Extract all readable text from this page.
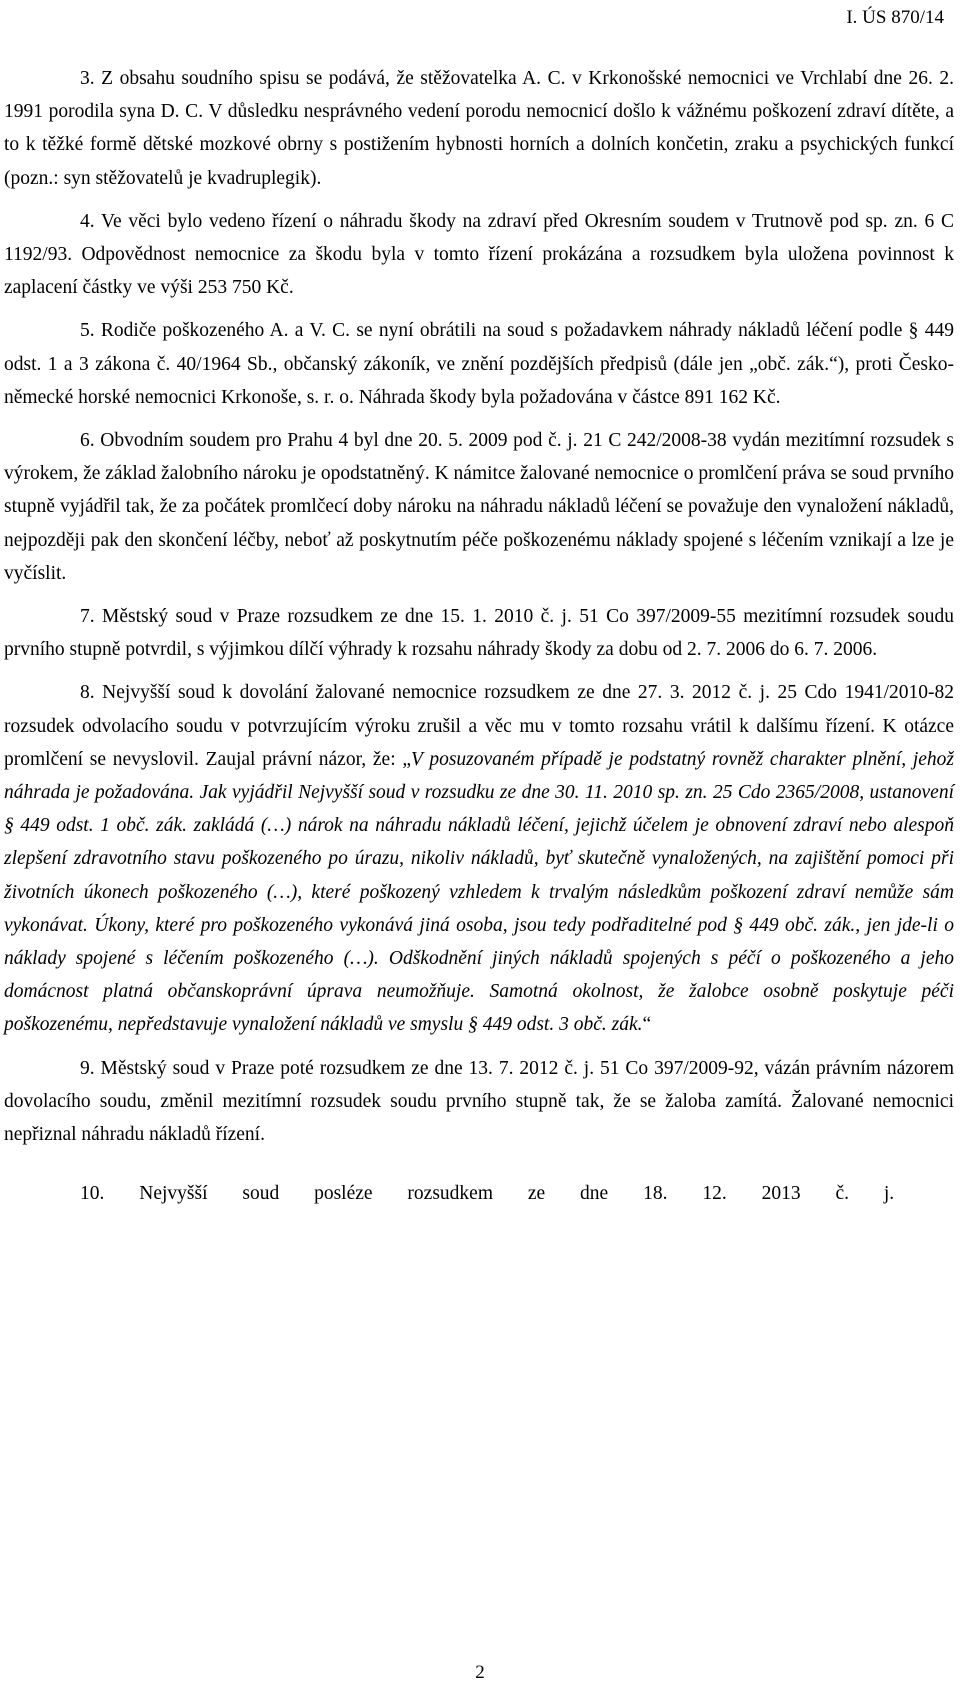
I. ÚS 870/14

3. Z obsahu soudního spisu se podává, že stěžovatelka A. C. v Krkonošské nemocnici ve Vrchlabí dne 26. 2. 1991 porodila syna D. C. V důsledku nesprávného vedení porodu nemocnicí došlo k vážnému poškození zdraví dítěte, a to k těžké formě dětské mozkové obrny s postižením hybnosti horních a dolních končetin, zraku a psychických funkcí (pozn.: syn stěžovatelů je kvadruplegik).

4. Ve věci bylo vedeno řízení o náhradu škody na zdraví před Okresním soudem v Trutnově pod sp. zn. 6 C 1192/93. Odpovědnost nemocnice za škodu byla v tomto řízení prokázána a rozsudkem byla uložena povinnost k zaplacení částky ve výši 253 750 Kč.

5. Rodiče poškozeného A. a V. C. se nyní obrátili na soud s požadavkem náhrady nákladů léčení podle § 449 odst. 1 a 3 zákona č. 40/1964 Sb., občanský zákoník, ve znění pozdějších předpisů (dále jen „obč. zák.“), proti Česko-německé horské nemocnici Krkonoše, s. r. o. Náhrada škody byla požadována v částce 891 162 Kč.

6. Obvodním soudem pro Prahu 4 byl dne 20. 5. 2009 pod č. j. 21 C 242/2008-38 vydán mezitímní rozsudek s výrokem, že základ žalobního nároku je opodstatněný. K námitce žalované nemocnice o promlčení práva se soud prvního stupně vyjádřil tak, že za počátek promlčecí doby nároku na náhradu nákladů léčení se považuje den vynaložení nákladů, nejpozději pak den skončení léčby, neboť až poskytnutím péče poškozenému náklady spojené s léčením vznikají a lze je vyčíslit.

7. Městský soud v Praze rozsudkem ze dne 15. 1. 2010 č. j. 51 Co 397/2009-55 mezitímní rozsudek soudu prvního stupně potvrdil, s výjimkou dílčí výhrady k rozsahu náhrady škody za dobu od 2. 7. 2006 do 6. 7. 2006.

8. Nejvyšší soud k dovolání žalované nemocnice rozsudkem ze dne 27. 3. 2012 č. j. 25 Cdo 1941/2010-82 rozsudek odvolacího soudu v potvrzujícím výroku zrušil a věc mu v tomto rozsahu vrátil k dalšímu řízení. K otázce promlčení se nevyslovil. Zaujal právní názor, že: „V posuzovaném případě je podstatný rovněž charakter plnění, jehož náhrada je požadována. Jak vyjádřil Nejvyšší soud v rozsudku ze dne 30. 11. 2010 sp. zn. 25 Cdo 2365/2008, ustanovení § 449 odst. 1 obč. zák. zakládá (…) nárok na náhradu nákladů léčení, jejichž účelem je obnovení zdraví nebo alespoň zlepšení zdravotního stavu poškozeného po úrazu, nikoliv nákladů, byť skutečně vynaložených, na zajištění pomoci při životních úkonech poškozeného (…), které poškozený vzhledem k trvalým následkům poškození zdraví nemůže sám vykonávat. Úkony, které pro poškozeného vykonává jiná osoba, jsou tedy podřaditelné pod § 449 obč. zák., jen jde-li o náklady spojené s léčením poškozeného (…). Odškodnění jiných nákladů spojených s péčí o poškozeného a jeho domácnost platná občanskoprávní úprava neumožňuje. Samotná okolnost, že žalobce osobně poskytuje péči poškozenému, nepředstavuje vynaložení nákladů ve smyslu § 449 odst. 3 obč. zák.“

9. Městský soud v Praze poté rozsudkem ze dne 13. 7. 2012 č. j. 51 Co 397/2009-92, vázán právním názorem dovolacího soudu, změnil mezitímní rozsudek soudu prvního stupně tak, že se žaloba zamítá. Žalované nemocnici nepřiznal náhradu nákladů řízení.

10. Nejvyšší soud posléze rozsudkem ze dne 18. 12. 2013 č. j.

2
